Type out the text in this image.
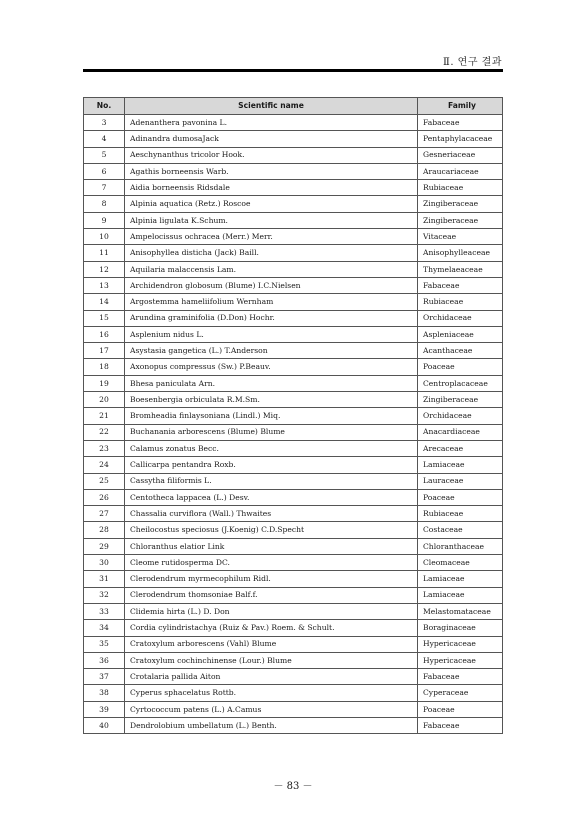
Ⅱ. 연구 결과
No.	Scientific name	Family
3	Adenanthera pavonina L.	Fabaceae
4	Adinandra dumosaJack	Pentaphylacaceae
5	Aeschynanthus tricolor Hook.	Gesneriaceae
6	Agathis borneensis Warb.	Araucariaceae
7	Aidia borneensis Ridsdale	Rubiaceae
8	Alpinia aquatica (Retz.) Roscoe	Zingiberaceae
9	Alpinia ligulata K.Schum.	Zingiberaceae
10	Ampelocissus ochracea (Merr.) Merr.	Vitaceae
11	Anisophyllea disticha (Jack) Baill.	Anisophylleaceae
12	Aquilaria malaccensis Lam.	Thymelaeaceae
13	Archidendron globosum (Blume) I.C.Nielsen	Fabaceae
14	Argostemma hameliifolium Wernham	Rubiaceae
15	Arundina graminifolia (D.Don) Hochr.	Orchidaceae
16	Asplenium nidus L.	Aspleniaceae
17	Asystasia gangetica (L.) T.Anderson	Acanthaceae
18	Axonopus compressus (Sw.) P.Beauv.	Poaceae
19	Bhesa paniculata Arn.	Centroplacaceae
20	Boesenbergia orbiculata R.M.Sm.	Zingiberaceae
21	Bromheadia finlaysoniana (Lindl.) Miq.	Orchidaceae
22	Buchanania arborescens (Blume) Blume	Anacardiaceae
23	Calamus zonatus Becc.	Arecaceae
24	Callicarpa pentandra Roxb.	Lamiaceae
25	Cassytha filiformis L.	Lauraceae
26	Centotheca lappacea (L.) Desv.	Poaceae
27	Chassalia curviflora (Wall.) Thwaites	Rubiaceae
28	Cheilocostus speciosus (J.Koenig) C.D.Specht	Costaceae
29	Chloranthus elatior Link	Chloranthaceae
30	Cleome rutidosperma DC.	Cleomaceae
31	Clerodendrum myrmecophilum Ridl.	Lamiaceae
32	Clerodendrum thomsoniae Balf.f.	Lamiaceae
33	Clidemia hirta (L.) D. Don	Melastomataceae
34	Cordia cylindristachya (Ruiz & Pav.) Roem. & Schult.	Boraginaceae
35	Cratoxylum arborescens (Vahl) Blume	Hypericaceae
36	Cratoxylum cochinchinense (Lour.) Blume	Hypericaceae
37	Crotalaria pallida Aiton	Fabaceae
38	Cyperus sphacelatus Rottb.	Cyperaceae
39	Cyrtococcum patens (L.) A.Camus	Poaceae
40	Dendrolobium umbellatum (L.) Benth.	Fabaceae
－ 83 －
